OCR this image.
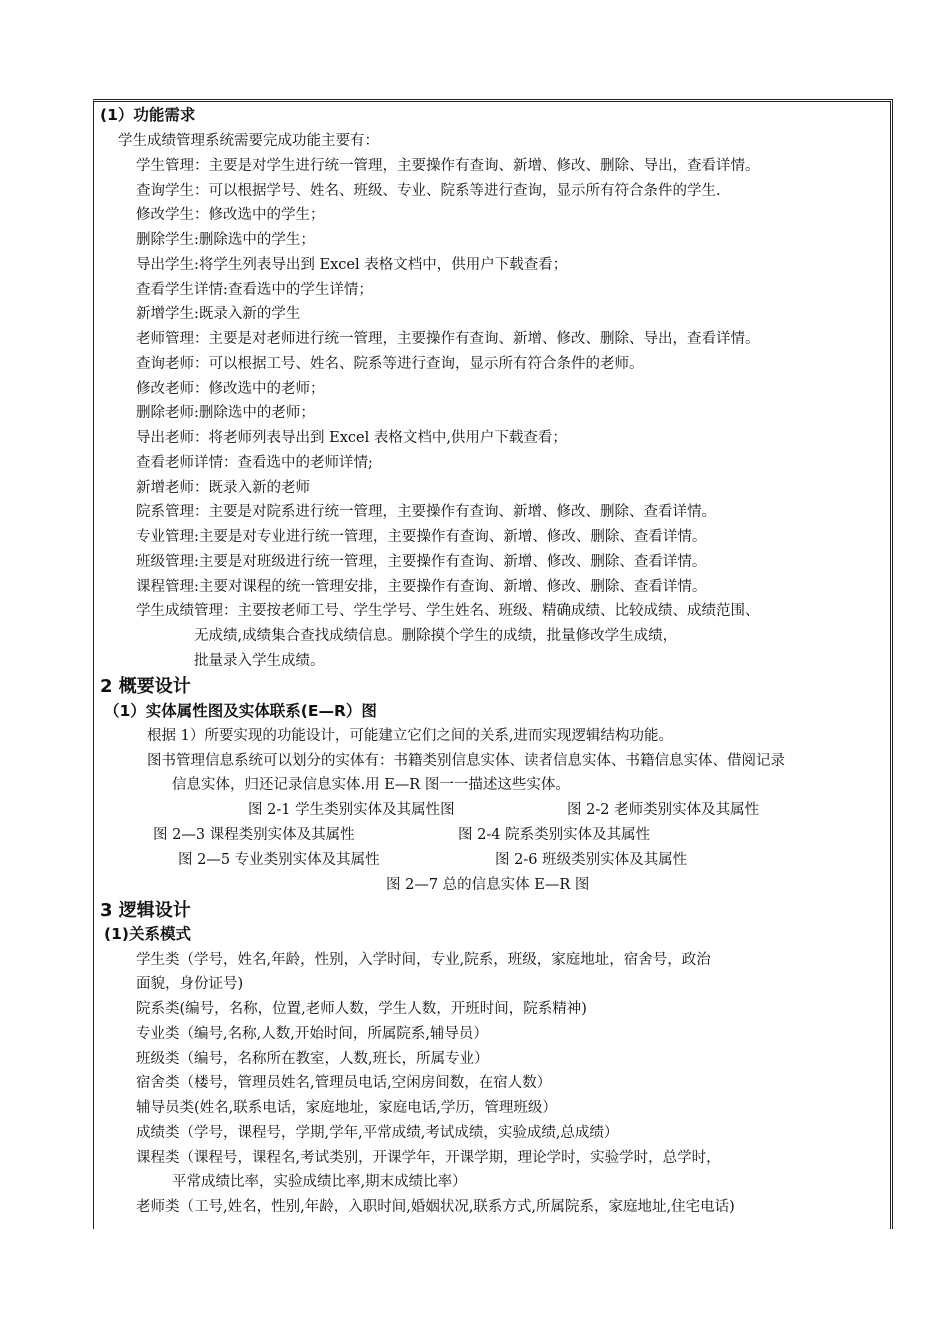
(1）功能需求
学生成绩管理系统需要完成功能主要有：
学生管理：主要是对学生进行统一管理，主要操作有查询、新增、修改、删除、导出，查看详情。
查询学生：可以根据学号、姓名、班级、专业、院系等进行查询，显示所有符合条件的学生.
修改学生：修改选中的学生；
删除学生:删除选中的学生；
导出学生:将学生列表导出到 Excel 表格文档中，供用户下载查看；
查看学生详情:查看选中的学生详情；
新增学生:既录入新的学生
老师管理：主要是对老师进行统一管理，主要操作有查询、新增、修改、删除、导出，查看详情。
查询老师：可以根据工号、姓名、院系等进行查询，显示所有符合条件的老师。
修改老师：修改选中的老师；
删除老师:删除选中的老师；
导出老师：将老师列表导出到 Excel 表格文档中,供用户下载查看；
查看老师详情：查看选中的老师详情;
新增老师：既录入新的老师
院系管理：主要是对院系进行统一管理，主要操作有查询、新增、修改、删除、查看详情。
专业管理:主要是对专业进行统一管理，主要操作有查询、新增、修改、删除、查看详情。
班级管理:主要是对班级进行统一管理，主要操作有查询、新增、修改、删除、查看详情。
课程管理:主要对课程的统一管理安排，主要操作有查询、新增、修改、删除、查看详情。
学生成绩管理：主要按老师工号、学生学号、学生姓名、班级、精确成绩、比较成绩、成绩范围、
无成绩,成绩集合查找成绩信息。删除摸个学生的成绩，批量修改学生成绩，
批量录入学生成绩。
2 概要设计
（1）实体属性图及实体联系(E—R）图
根据 1）所要实现的功能设计，可能建立它们之间的关系,进而实现逻辑结构功能。
图书管理信息系统可以划分的实体有：书籍类别信息实体、读者信息实体、书籍信息实体、借阅记录
信息实体，归还记录信息实体.用 E—R 图一一描述这些实体。
图 2-1 学生类别实体及其属性图	图 2-2 老师类别实体及其属性
图 2—3 课程类别实体及其属性	图 2-4 院系类别实体及其属性
图 2—5 专业类别实体及其属性	图 2-6 班级类别实体及其属性
图 2—7 总的信息实体 E—R 图
3 逻辑设计
(1)关系模式
学生类（学号，姓名,年龄，性别，入学时间，专业,院系，班级，家庭地址，宿舍号，政治
面貌，身份证号)
院系类(编号，名称，位置,老师人数，学生人数，开班时间，院系精神)
专业类（编号,名称,人数,开始时间，所属院系,辅导员）
班级类（编号，名称所在教室，人数,班长，所属专业）
宿舍类（楼号，管理员姓名,管理员电话,空闲房间数，在宿人数）
辅导员类(姓名,联系电话，家庭地址，家庭电话,学历，管理班级）
成绩类（学号，课程号，学期,学年,平常成绩,考试成绩，实验成绩,总成绩）
课程类（课程号，课程名,考试类别，开课学年，开课学期，理论学时，实验学时，总学时，
平常成绩比率，实验成绩比率,期末成绩比率）
老师类（工号,姓名，性别,年龄，入职时间,婚姻状况,联系方式,所属院系，家庭地址,住宅电话)
